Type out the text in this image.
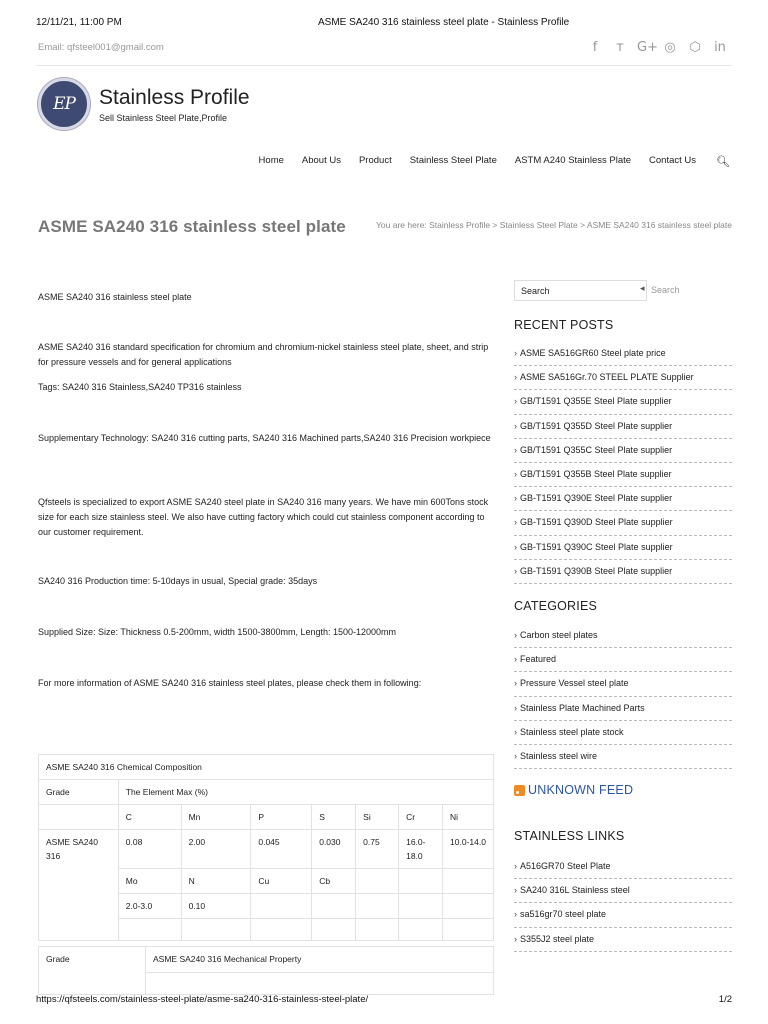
12/11/21, 11:00 PM	ASME SA240 316 stainless steel plate - Stainless Profile
Email: qfsteel001@gmail.com	f	ᴛ	G+ ◎ ⬡ in
EP Stainless Profile
Sell Stainless Steel Plate,Profile
Home About Us Product Stainless Steel Plate ASTM A240 Stainless Plate Contact Us 🔍︎
ASME SA240 316 stainless steel plate	You are here: Stainless Profile > Stainless Steel Plate > ASME SA240 316 stainless steel plate

ASME SA240 316 stainless steel plate

ASME SA240 316 standard specification for chromium and chromium-nickel stainless steel plate, sheet, and strip for pressure vessels and for general applications

Tags: SA240 316 Stainless,SA240 TP316 stainless

Supplementary Technology: SA240 316 cutting parts, SA240 316 Machined parts,SA240 316 Precision workpiece

Qfsteels is specialized to export ASME SA240 steel plate in SA240 316 many years. We have min 600Tons stock size for each size stainless steel. We also have cutting factory which could cut stainless component according to our customer requirement.

SA240 316 Production time: 5-10days in usual, Special grade: 35days

Supplied Size: Size: Thickness 0.5-200mm, width 1500-3800mm, Length: 1500-12000mm

For more information of ASME SA240 316 stainless steel plates, please check them in following:

ASME SA240 316 Chemical Composition							
Grade	The Element Max (%)						
	C	Mn	P	S	Si	Cr	Ni
ASME SA240 316	0.08	2.00	0.045	0.030	0.75	16.0-18.0	10.0-14.0
	Mo	N	Cu	Cb			
	2.0-3.0	0.10					

Grade	ASME SA240 316 Mechanical Property

Search
◂ Search
RECENT POSTS
› ASME SA516GR60 Steel plate price
› ASME SA516Gr.70 STEEL PLATE Supplier
› GB/T1591 Q355E Steel Plate supplier
› GB/T1591 Q355D Steel Plate supplier
› GB/T1591 Q355C Steel Plate supplier
› GB/T1591 Q355B Steel Plate supplier
› GB-T1591 Q390E Steel Plate supplier
› GB-T1591 Q390D Steel Plate supplier
› GB-T1591 Q390C Steel Plate supplier
› GB-T1591 Q390B Steel Plate supplier
CATEGORIES
› Carbon steel plates
› Featured
› Pressure Vessel steel plate
› Stainless Plate Machined Parts
› Stainless steel plate stock
› Stainless steel wire
UNKNOWN FEED
STAINLESS LINKS
› A516GR70 Steel Plate
› SA240 316L Stainless steel
› sa516gr70 steel plate
› S355J2 steel plate
https://qfsteels.com/stainless-steel-plate/asme-sa240-316-stainless-steel-plate/	1/2
